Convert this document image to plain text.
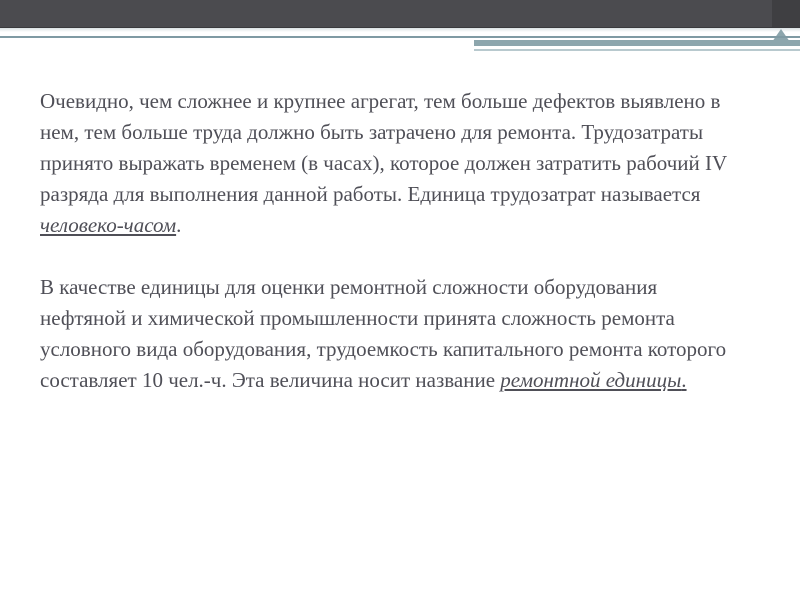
Очевидно, чем сложнее и крупнее агрегат, тем больше дефектов выявлено в нем, тем больше труда должно быть затрачено для ремонта. Трудозатраты принято выражать временем (в часах), которое должен затратить рабочий IV разряда для выполнения данной работы. Единица трудозатрат называется человеко-часом.

В качестве единицы для оценки ремонтной сложности оборудования нефтяной и химической промышленности принята сложность ремонта условного вида оборудования, трудоемкость капитального ремонта которого составляет 10 чел.-ч. Эта величина носит название ремонтной единицы.
